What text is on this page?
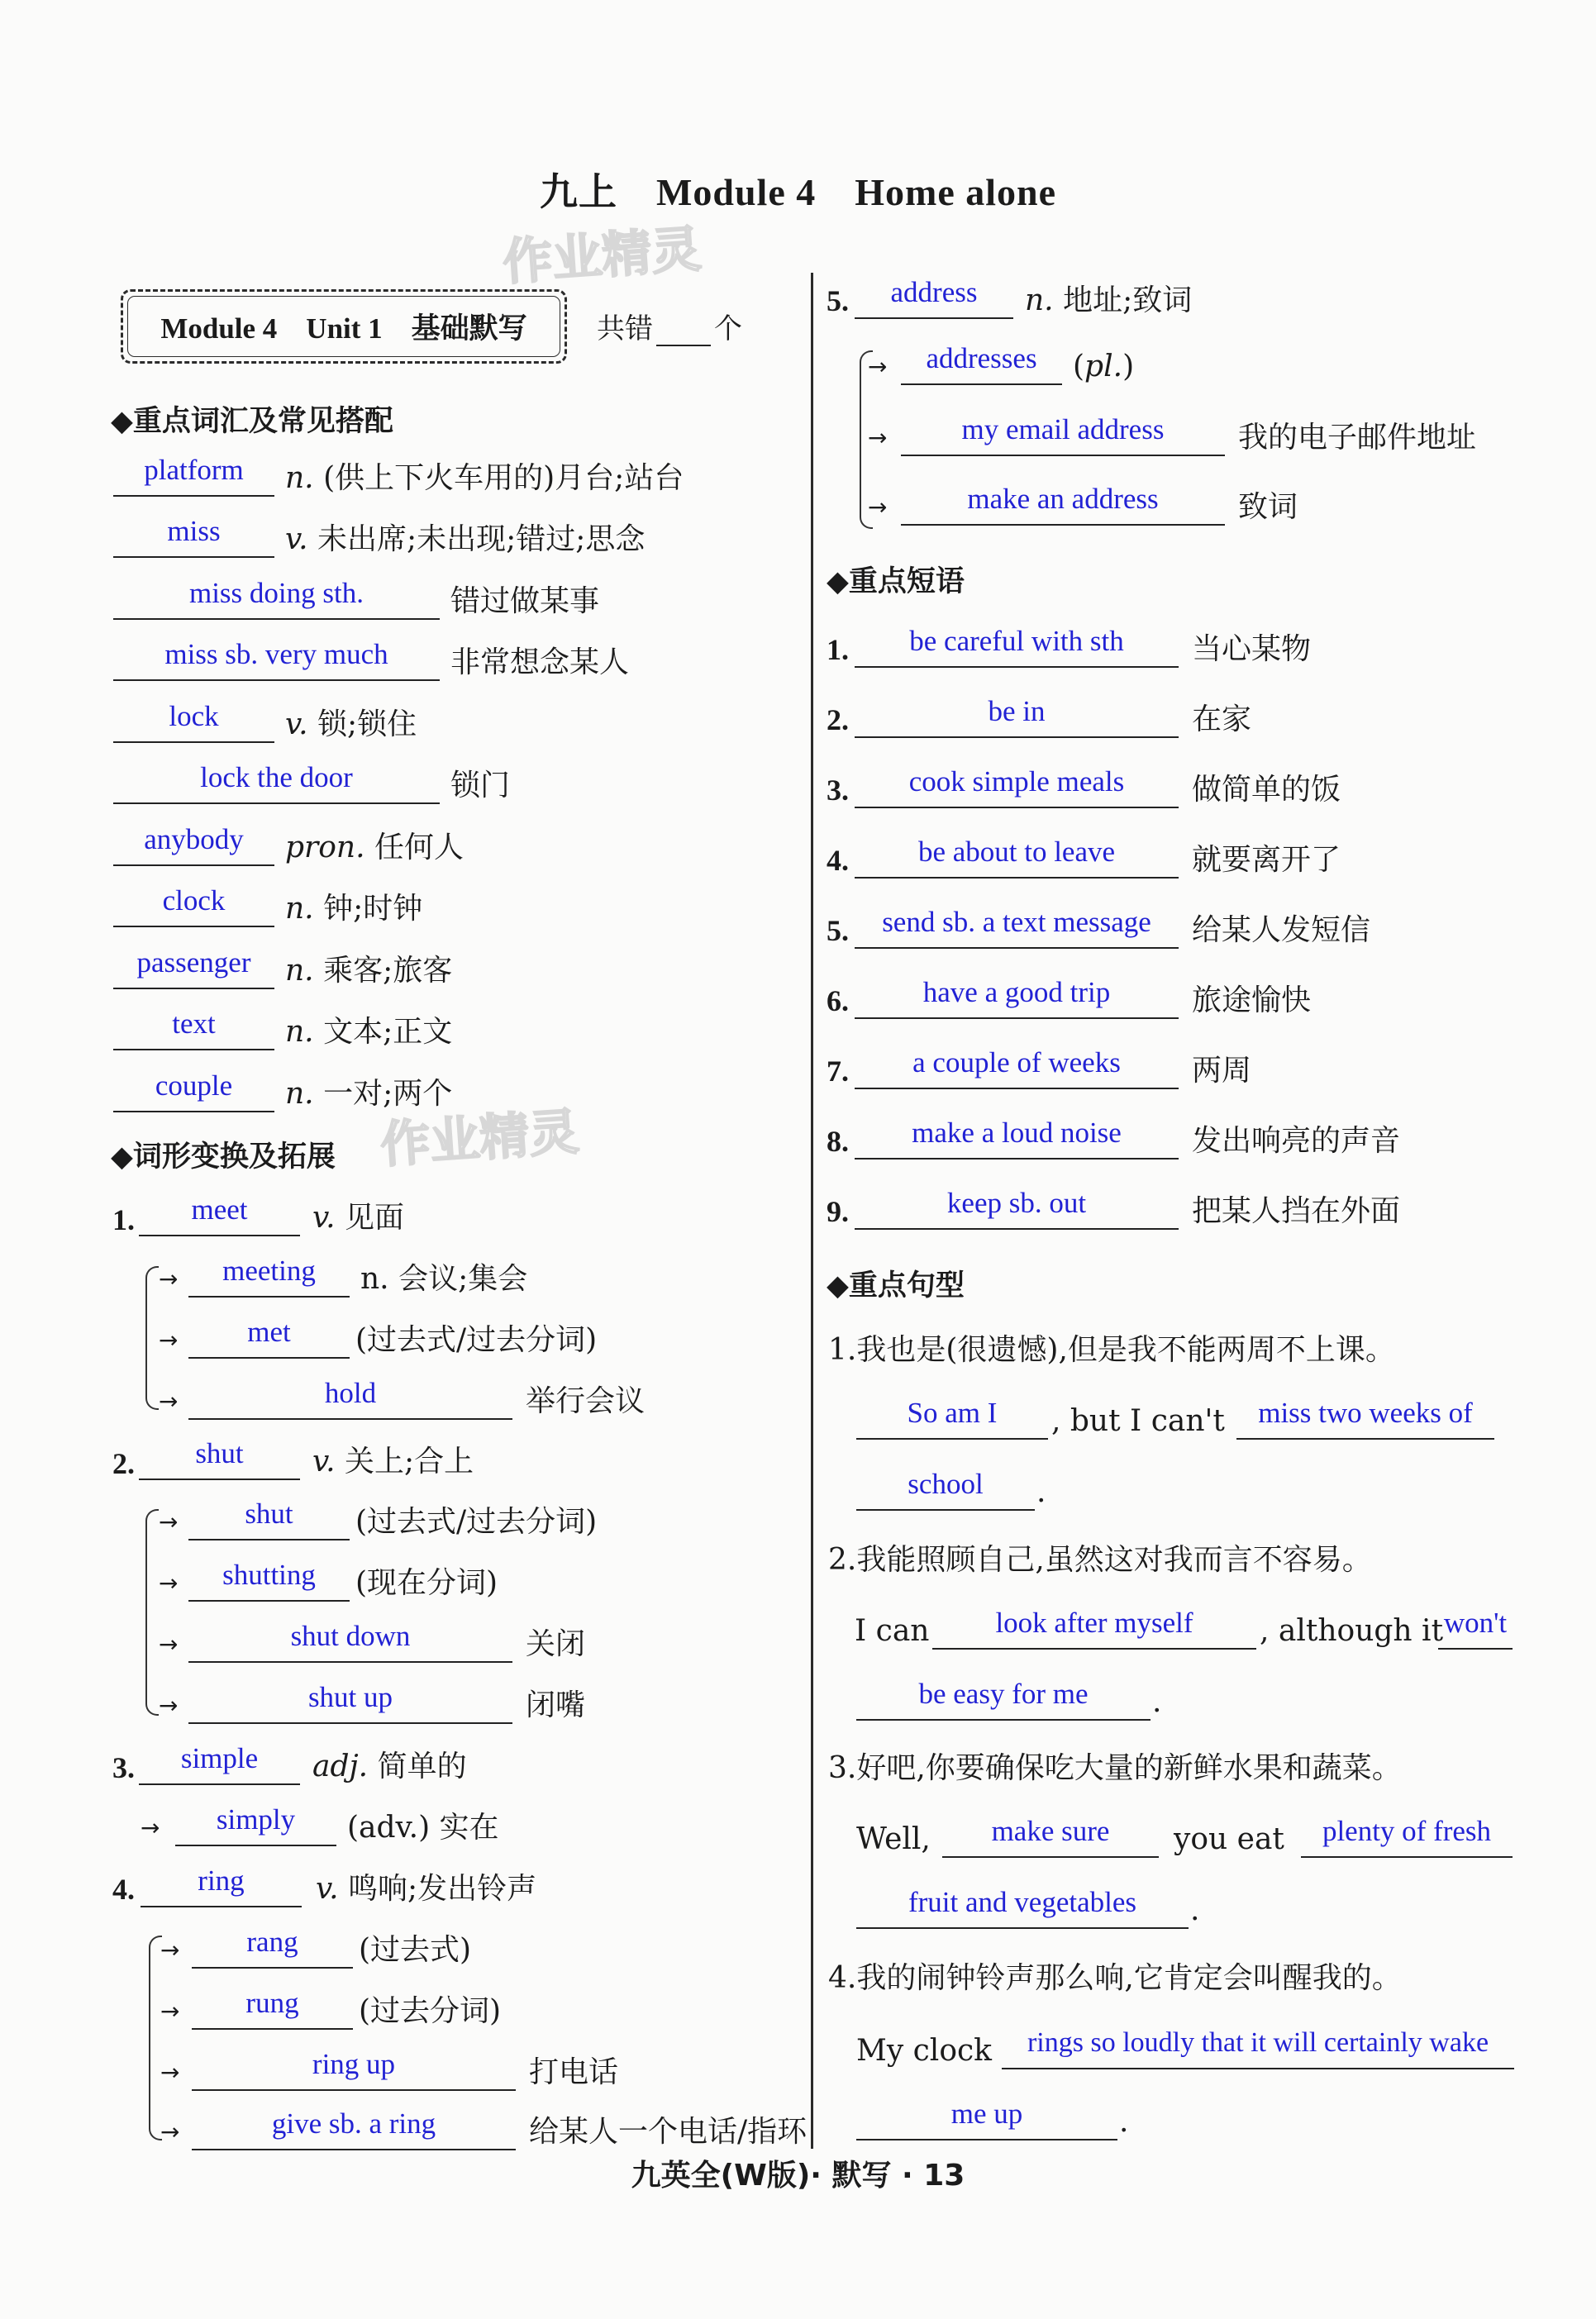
九上　Module 4　Home alone
作业精灵
作业精灵
Module 4　Unit 1　基础默写	共错 个
◆重点词汇及常见搭配
platform	n. (供上下火车用的)月台;站台
miss	v. 未出席;未出现;错过;思念
miss doing sth.	错过做某事
miss sb. very much	非常想念某人
lock	v. 锁;锁住
lock the door	锁门
anybody	pron. 任何人
clock	n. 钟;时钟
passenger	n. 乘客;旅客
text	n. 文本;正文
couple	n. 一对;两个
◆词形变换及拓展
1.	meet	v. 见面
→	meeting	n. 会议;集会
→	met	(过去式/过去分词)
→	hold	举行会议
2.	shut	v. 关上;合上
→	shut	(过去式/过去分词)
→	shutting	(现在分词)
→	shut down	关闭
→	shut up	闭嘴
3.	simple	adj. 简单的
→	simply	(adv.) 实在
4.	ring	v. 鸣响;发出铃声
→	rang	(过去式)
→	rung	(过去分词)
→	ring up	打电话
→	give sb. a ring	给某人一个电话/指环
5.	address	n. 地址;致词
→	addresses	(pl.)
→	my email address	我的电子邮件地址
→	make an address	致词
◆重点短语
1.	be careful with sth	当心某物
2.	be in	在家
3.	cook simple meals	做简单的饭
4.	be about to leave	就要离开了
5.	send sb. a text message	给某人发短信
6.	have a good trip	旅途愉快
7.	a couple of weeks	两周
8.	make a loud noise	发出响亮的声音
9.	keep sb. out	把某人挡在外面
◆重点句型
1.我也是(很遗憾),但是我不能两周不上课。
So am I	, but I can't	miss two weeks of
school	.
2.我能照顾自己,虽然这对我而言不容易。
I can	look after myself	, although it won't
be easy for me	.
3.好吧,你要确保吃大量的新鲜水果和蔬菜。
Well,	make sure	you eat	plenty of fresh
fruit and vegetables	.
4.我的闹钟铃声那么响,它肯定会叫醒我的。
My clock	rings so loudly that it will certainly wake
me up	.
九英全(W版)· 默写 · 13
